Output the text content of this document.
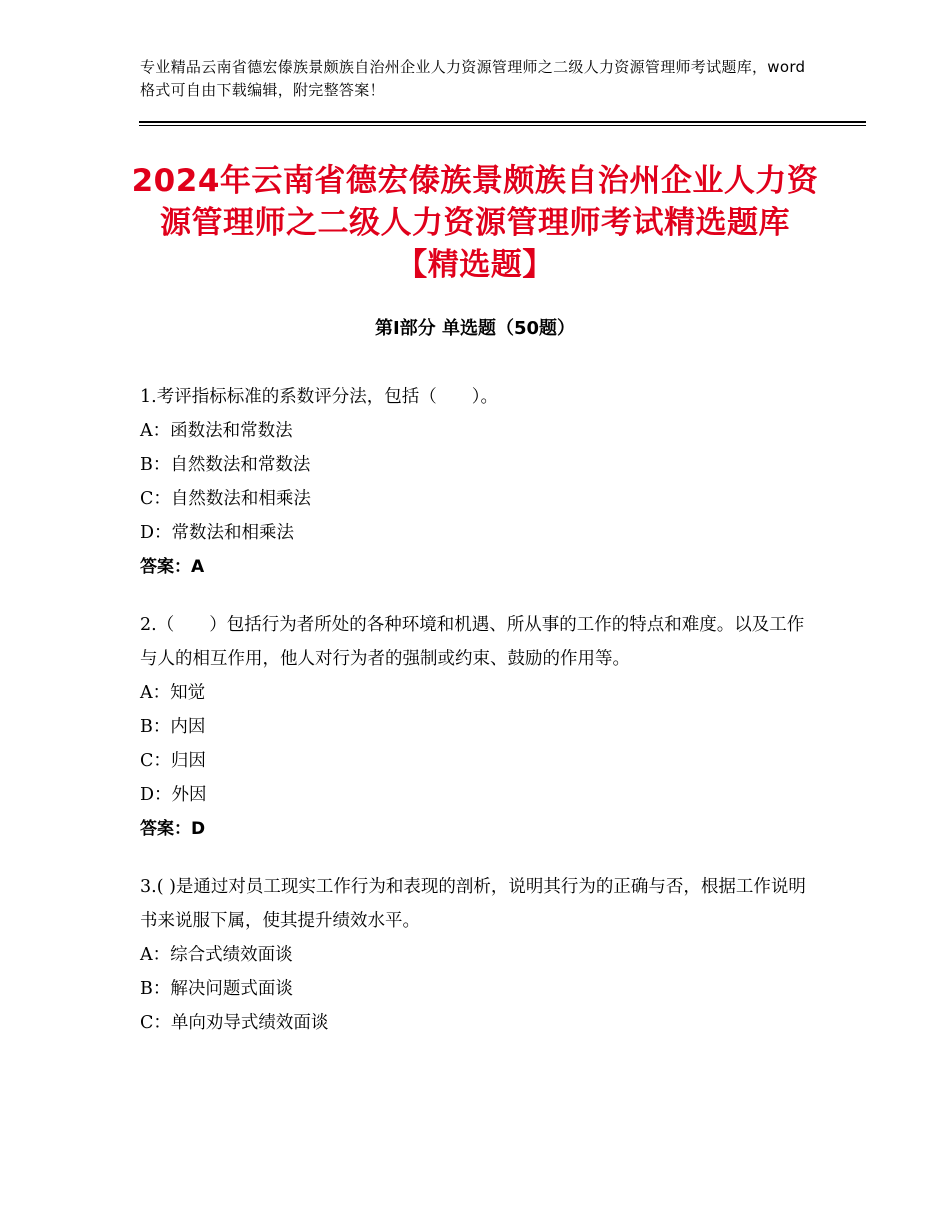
专业精品云南省德宏傣族景颇族自治州企业人力资源管理师之二级人力资源管理师考试题库，word格式可自由下载编辑，附完整答案！
2024年云南省德宏傣族景颇族自治州企业人力资源管理师之二级人力资源管理师考试精选题库【精选题】
第Ⅰ部分 单选题（50题）

1.考评指标标准的系数评分法，包括（　　）。

A：函数法和常数法

B：自然数法和常数法

C：自然数法和相乘法

D：常数法和相乘法

答案：A

2.（　　）包括行为者所处的各种环境和机遇、所从事的工作的特点和难度。以及工作与人的相互作用，他人对行为者的强制或约束、鼓励的作用等。

A：知觉

B：内因

C：归因

D：外因

答案：D

3.( )是通过对员工现实工作行为和表现的剖析，说明其行为的正确与否，根据工作说明书来说服下属，使其提升绩效水平。

A：综合式绩效面谈

B：解决问题式面谈

C：单向劝导式绩效面谈
